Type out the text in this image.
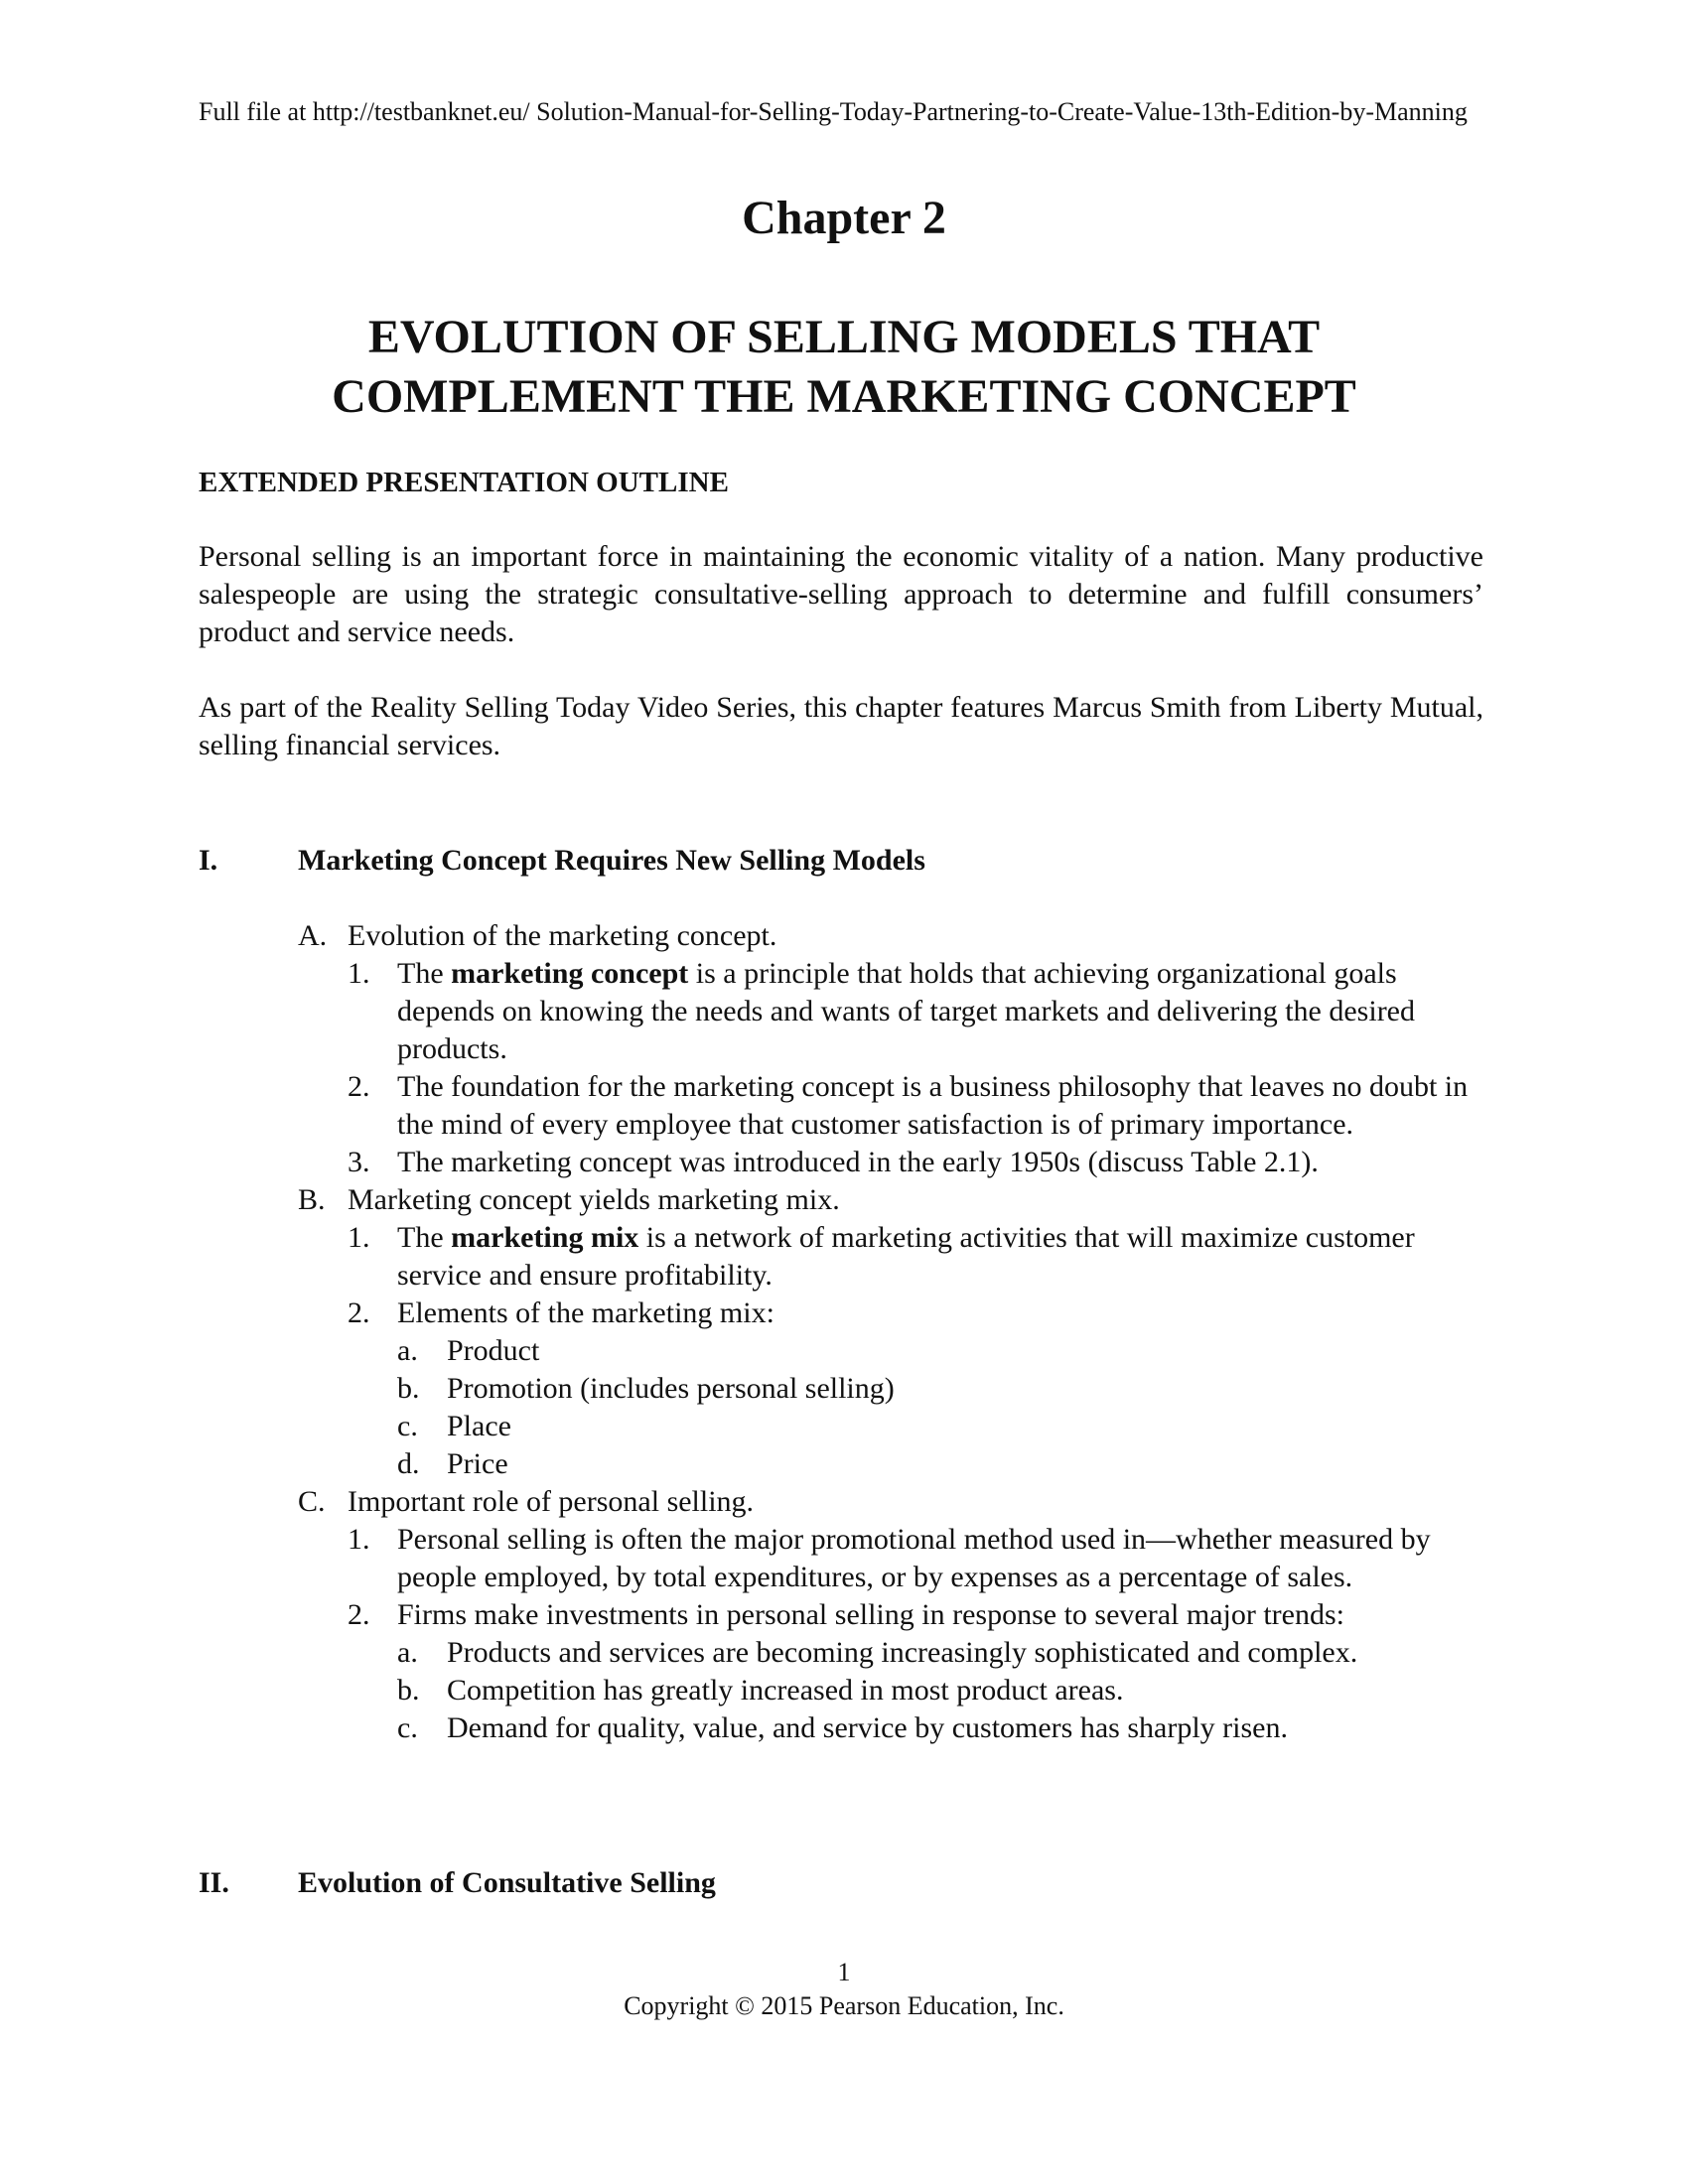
Full file at http://testbanknet.eu/ Solution-Manual-for-Selling-Today-Partnering-to-Create-Value-13th-Edition-by-Manning
Chapter 2
EVOLUTION OF SELLING MODELS THAT
COMPLEMENT THE MARKETING CONCEPT
EXTENDED PRESENTATION OUTLINE
Personal selling is an important force in maintaining the economic vitality of a nation. Many productive salespeople are using the strategic consultative-selling approach to determine and fulfill consumers’ product and service needs.
As part of the Reality Selling Today Video Series, this chapter features Marcus Smith from Liberty Mutual, selling financial services.
I.	Marketing Concept Requires New Selling Models
A. Evolution of the marketing concept.
1. The marketing concept is a principle that holds that achieving organizational goals depends on knowing the needs and wants of target markets and delivering the desired products.
2. The foundation for the marketing concept is a business philosophy that leaves no doubt in the mind of every employee that customer satisfaction is of primary importance.
3. The marketing concept was introduced in the early 1950s (discuss Table 2.1).
B. Marketing concept yields marketing mix.
1. The marketing mix is a network of marketing activities that will maximize customer service and ensure profitability.
2. Elements of the marketing mix:
a. Product
b. Promotion (includes personal selling)
c. Place
d. Price
C. Important role of personal selling.
1. Personal selling is often the major promotional method used in—whether measured by people employed, by total expenditures, or by expenses as a percentage of sales.
2. Firms make investments in personal selling in response to several major trends:
a. Products and services are becoming increasingly sophisticated and complex.
b. Competition has greatly increased in most product areas.
c. Demand for quality, value, and service by customers has sharply risen.
II. Evolution of Consultative Selling
1
Copyright © 2015 Pearson Education, Inc.
